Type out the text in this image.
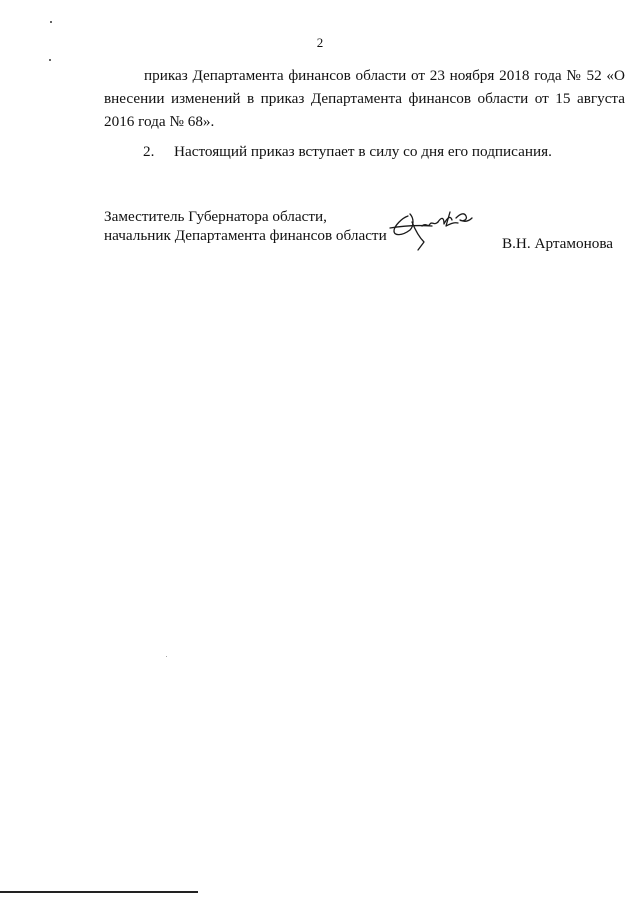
2
приказ Департамента финансов области от 23 ноября 2018 года № 52 «О внесении изменений в приказ Департамента финансов области от 15 августа
2016 года № 68».
2. Настоящий приказ вступает в силу со дня его подписания.
Заместитель Губернатора области,
начальник Департамента финансов области	В.Н. Артамонова
